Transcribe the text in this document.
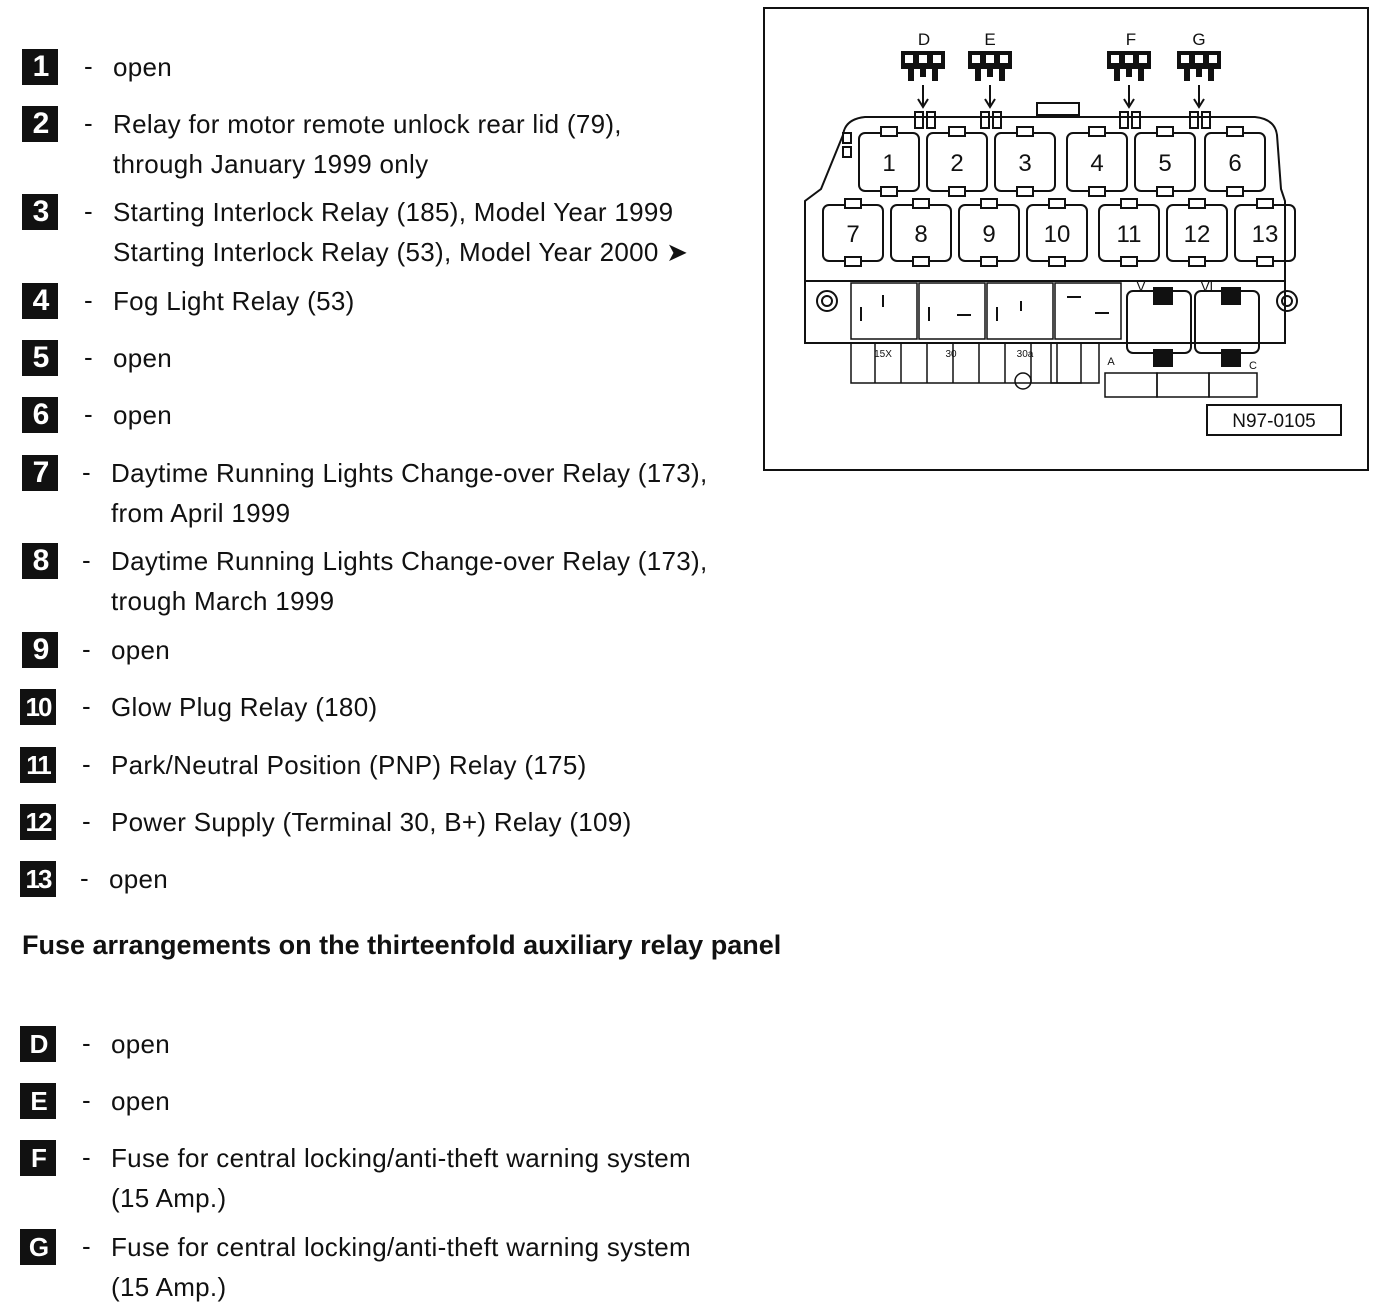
1	- open
2	- Relay for motor remote unlock rear lid (79),
through January 1999 only
3	- Starting Interlock Relay (185), Model Year 1999
Starting Interlock Relay (53), Model Year 2000 ➤
4	- Fog Light Relay (53)
5	- open
6	- open
7	- Daytime Running Lights Change-over Relay (173),
from April 1999
8	- Daytime Running Lights Change-over Relay (173),
trough March 1999
9	- open
10 - Glow Plug Relay (180)
11 - Park/Neutral Position (PNP) Relay (175)
12 - Power Supply (Terminal 30, B+) Relay (109)
13 - open
Fuse arrangements on the thirteenfold auxiliary relay panel
D	- open
E	- open
F	- Fuse for central locking/anti-theft warning system
(15 Amp.)
G	- Fuse for central locking/anti-theft warning system
(15 Amp.)
D	E	F	G
1 2 3 4 5 6
7 8 9 10 11 12 13
15X	30	30a
V	VI
A	C
N97-0105
